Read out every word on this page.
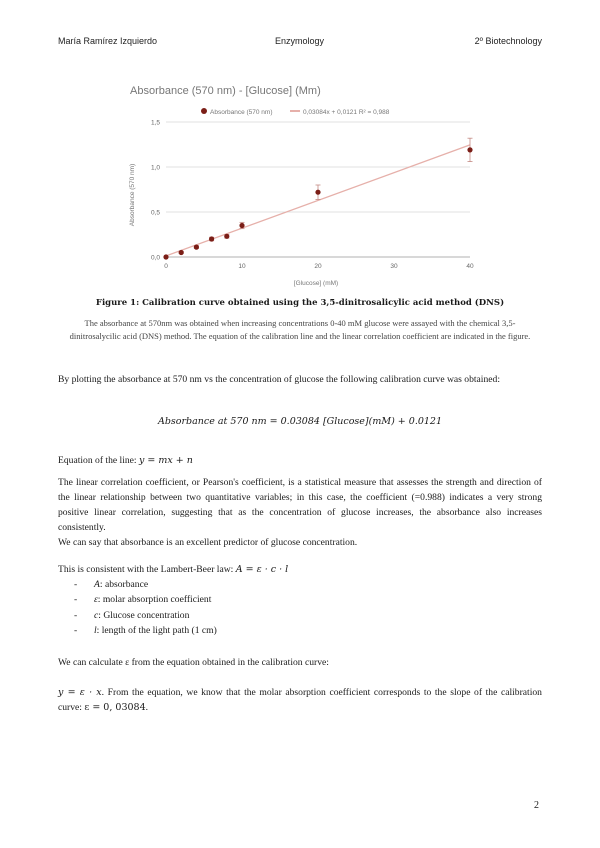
María Ramírez Izquierdo	Enzymology	2º Biotechnology
Absorbance (570 nm) - [Glucose] (Mm)
Absorbance (570 nm)	0,03084x + 0,0121 R² = 0,988
0,0
0,5
1,0
1,5
0	10	20	30	40
Absorbance (570 nm)
[Glucose] (mM)
Figure 1: Calibration curve obtained using the 3,5-dinitrosalicylic acid method (DNS)
The absorbance at 570nm was obtained when increasing concentrations 0-40 mM glucose were assayed with the chemical 3,5-dinitrosalycilic acid (DNS) method. The equation of the calibration line and the linear correlation coefficient are indicated in the figure.
By plotting the absorbance at 570 nm vs the concentration of glucose the following calibration curve was obtained:
Absorbance at 570 nm = 0.03084 [Glucose](mM) + 0.0121
Equation of the line: y = mx + n
The linear correlation coefficient, or Pearson's coefficient, is a statistical measure that assesses the strength and direction of the linear relationship between two quantitative variables; in this case, the coefficient (=0.988) indicates a very strong positive linear correlation, suggesting that as the concentration of glucose increases, the absorbance also increases consistently.
We can say that absorbance is an excellent predictor of glucose concentration.
This is consistent with the Lambert-Beer law: A = ε · c · l
- A: absorbance
- ε: molar absorption coefficient
- c: Glucose concentration
- l: length of the light path (1 cm)
We can calculate ε from the equation obtained in the calibration curve:
y = ε · x. From the equation, we know that the molar absorption coefficient corresponds to the slope of the calibration curve: ε = 0, 03084.
2
